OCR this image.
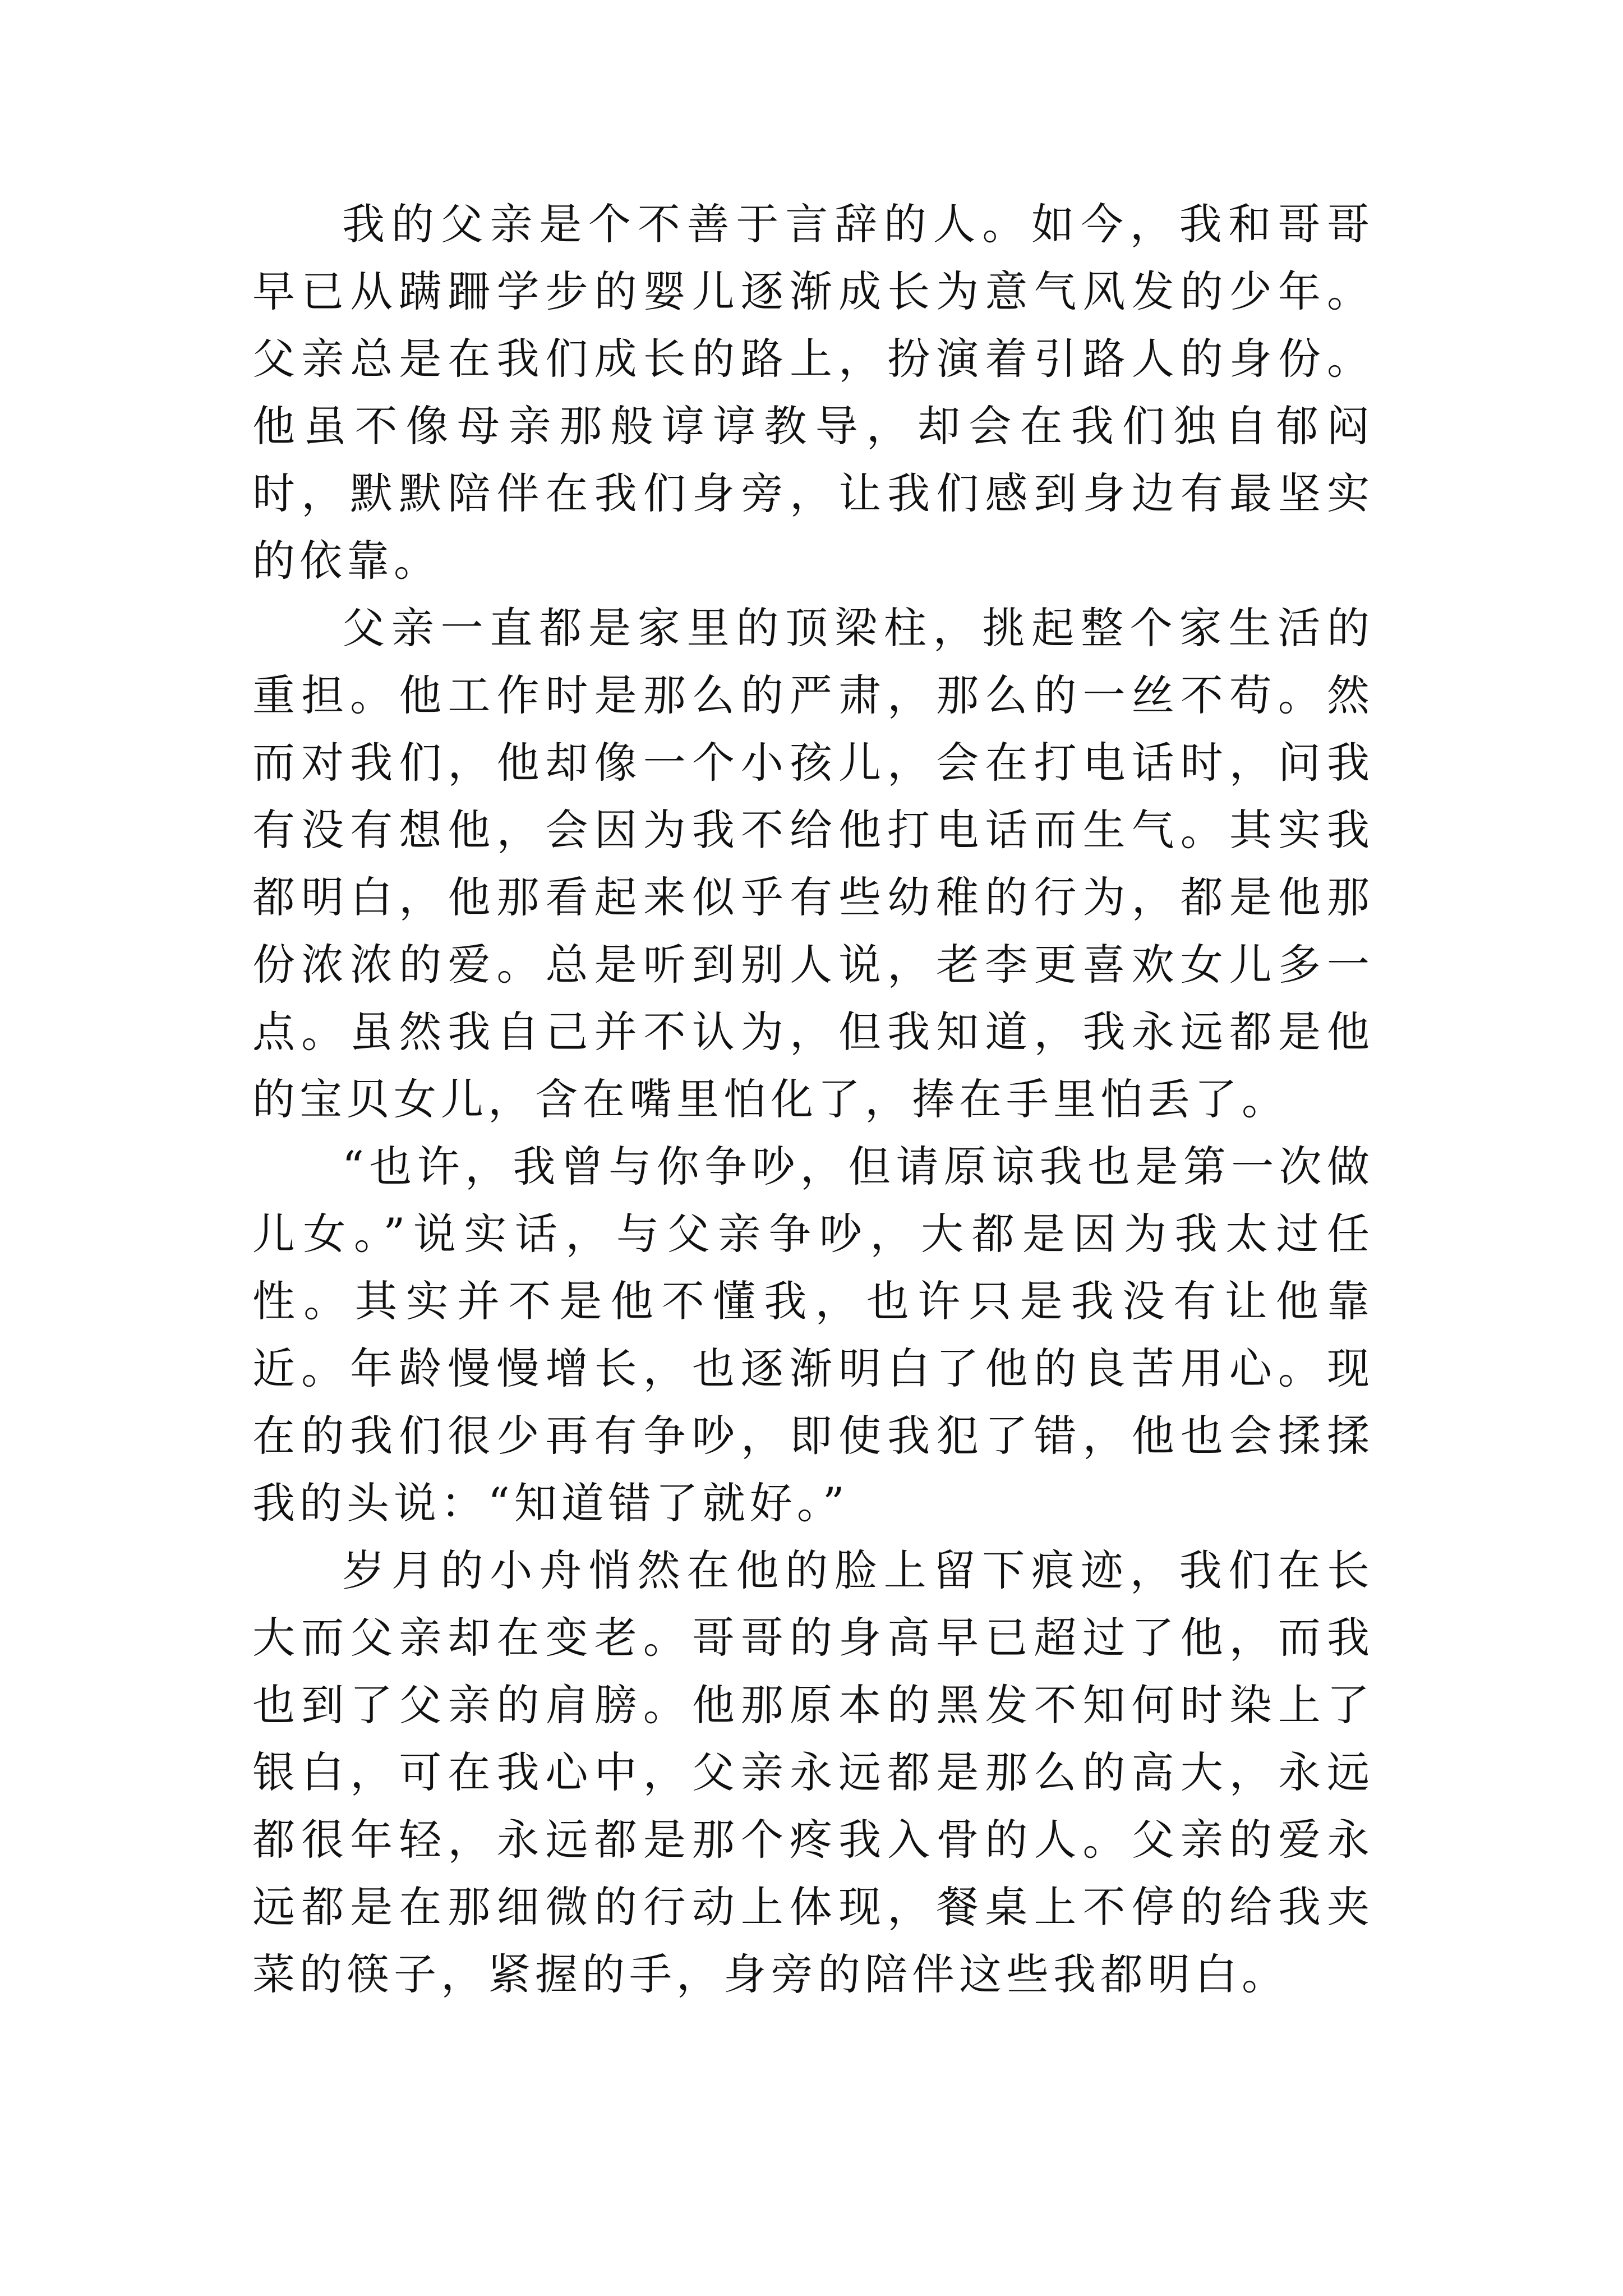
我的父亲是个不善于言辞的人。如今，我和哥哥早已从蹒跚学步的婴儿逐渐成长为意气风发的少年。父亲总是在我们成长的路上，扮演着引路人的身份。他虽不像母亲那般谆谆教导，却会在我们独自郁闷时，默默陪伴在我们身旁，让我们感到身边有最坚实的依靠。

父亲一直都是家里的顶梁柱，挑起整个家生活的重担。他工作时是那么的严肃，那么的一丝不苟。然而对我们，他却像一个小孩儿，会在打电话时，问我有没有想他，会因为我不给他打电话而生气。其实我都明白，他那看起来似乎有些幼稚的行为，都是他那份浓浓的爱。总是听到别人说，老李更喜欢女儿多一点。虽然我自己并不认为，但我知道，我永远都是他的宝贝女儿，含在嘴里怕化了，捧在手里怕丢了。

“也许，我曾与你争吵，但请原谅我也是第一次做儿女。”说实话，与父亲争吵，大都是因为我太过任性。其实并不是他不懂我，也许只是我没有让他靠近。年龄慢慢增长，也逐渐明白了他的良苦用心。现在的我们很少再有争吵，即使我犯了错，他也会揉揉我的头说：“知道错了就好。”

岁月的小舟悄然在他的脸上留下痕迹，我们在长大而父亲却在变老。哥哥的身高早已超过了他，而我也到了父亲的肩膀。他那原本的黑发不知何时染上了银白，可在我心中，父亲永远都是那么的高大，永远都很年轻，永远都是那个疼我入骨的人。父亲的爱永远都是在那细微的行动上体现，餐桌上不停的给我夹菜的筷子，紧握的手，身旁的陪伴这些我都明白。
